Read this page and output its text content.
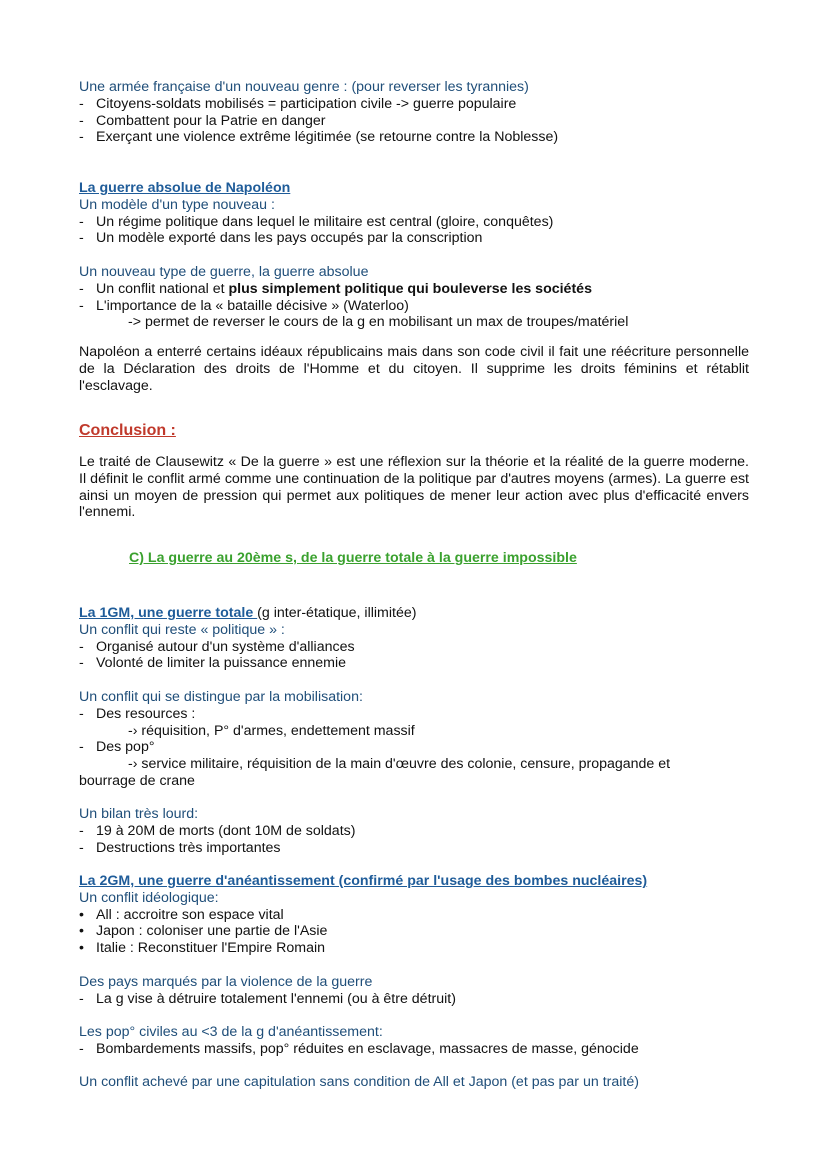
Une armée française d'un nouveau genre : (pour reverser les tyrannies)

- Citoyens-soldats mobilisés = participation civile -> guerre populaire
- Combattent pour la Patrie en danger
- Exerçant une violence extrême légitimée (se retourne contre la Noblesse)

La guerre absolue de Napoléon

Un modèle d'un type nouveau :

- Un régime politique dans lequel le militaire est central (gloire, conquêtes)
- Un modèle exporté dans les pays occupés par la conscription

Un nouveau type de guerre, la guerre absolue

- Un conflit national et plus simplement politique qui bouleverse les sociétés
- L'importance de la « bataille décisive » (Waterloo)

-> permet de reverser le cours de la g en mobilisant un max de troupes/matériel

Napoléon a enterré certains idéaux républicains mais dans son code civil il fait une réécriture personnelle de la Déclaration des droits de l'Homme et du citoyen. Il supprime les droits féminins et rétablit l'esclavage.

Conclusion :

Le traité de Clausewitz « De la guerre » est une réflexion sur la théorie et la réalité de la guerre moderne. Il définit le conflit armé comme une continuation de la politique par d'autres moyens (armes). La guerre est ainsi un moyen de pression qui permet aux politiques de mener leur action avec plus d'efficacité envers l'ennemi.

C) La guerre au 20ème s, de la guerre totale à la guerre impossible

La 1GM, une guerre totale (g inter-étatique, illimitée)

Un conflit qui reste « politique » :

- Organisé autour d'un système d'alliances
- Volonté de limiter la puissance ennemie

Un conflit qui se distingue par la mobilisation:

- Des resources :

-› réquisition, P° d'armes, endettement massif

- Des pop°

-› service militaire, réquisition de la main d'œuvre des colonie, censure, propagande et

bourrage de crane

Un bilan très lourd:

- 19 à 20M de morts (dont 10M de soldats)
- Destructions très importantes

La 2GM, une guerre d'anéantissement (confirmé par l'usage des bombes nucléaires)

Un conflit idéologique:

• All : accroitre son espace vital
• Japon : coloniser une partie de l'Asie
• Italie : Reconstituer l'Empire Romain

Des pays marqués par la violence de la guerre

- La g vise à détruire totalement l'ennemi (ou à être détruit)

Les pop° civiles au <3 de la g d'anéantissement:

- Bombardements massifs, pop° réduites en esclavage, massacres de masse, génocide

Un conflit achevé par une capitulation sans condition de All et Japon (et pas par un traité)
